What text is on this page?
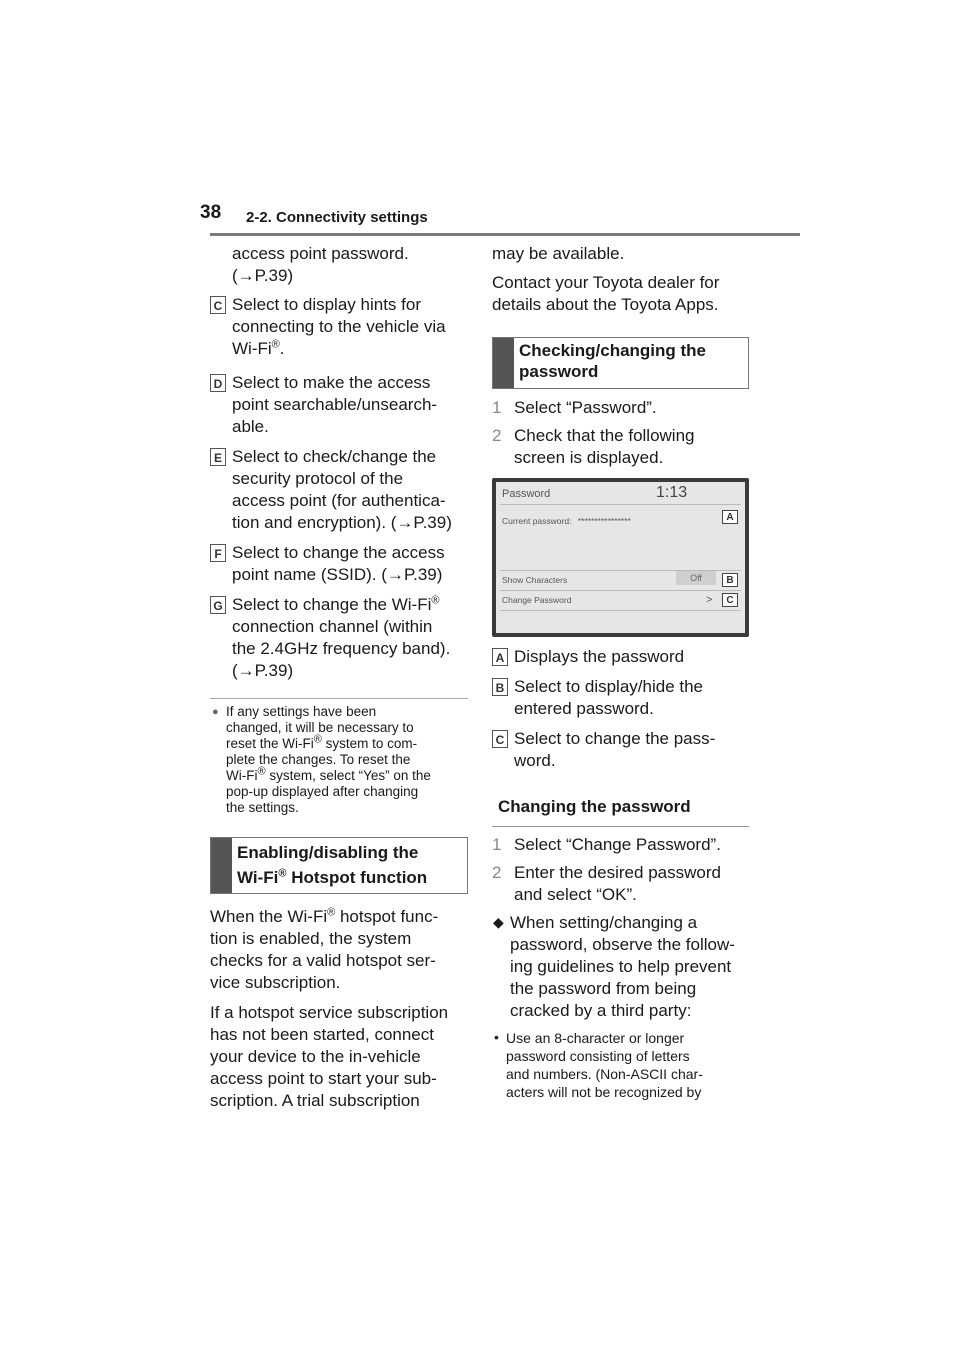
38 2-2. Connectivity settings
access point password.
(→P.39)
C Select to display hints for
connecting to the vehicle via
Wi-Fi®.
D Select to make the access
point searchable/unsearch-
able.
E Select to check/change the
security protocol of the
access point (for authentica-
tion and encryption). (→P.39)
F Select to change the access
point name (SSID). (→P.39)
G Select to change the Wi-Fi®
connection channel (within
the 2.4GHz frequency band).
(→P.39)
● If any settings have been
changed, it will be necessary to
reset the Wi-Fi® system to com-
plete the changes. To reset the
Wi-Fi® system, select “Yes” on the
pop-up displayed after changing
the settings.
Enabling/disabling the
Wi-Fi® Hotspot function
When the Wi-Fi® hotspot func-
tion is enabled, the system
checks for a valid hotspot ser-
vice subscription.
If a hotspot service subscription
has not been started, connect
your device to the in-vehicle
access point to start your sub-
scription. A trial subscription
may be available.
Contact your Toyota dealer for
details about the Toyota Apps.
Checking/changing the
password
1 Select “Password”.
2 Check that the following
screen is displayed.
Password	1:13
Current password: ****************	A
Show Characters	Off	B
Change Password	>	C
A Displays the password
B Select to display/hide the
entered password.
C Select to change the pass-
word.
Changing the password
1 Select “Change Password”.
2 Enter the desired password
and select “OK”.
◆ When setting/changing a
password, observe the follow-
ing guidelines to help prevent
the password from being
cracked by a third party:
• Use an 8-character or longer
password consisting of letters
and numbers. (Non-ASCII char-
acters will not be recognized by
